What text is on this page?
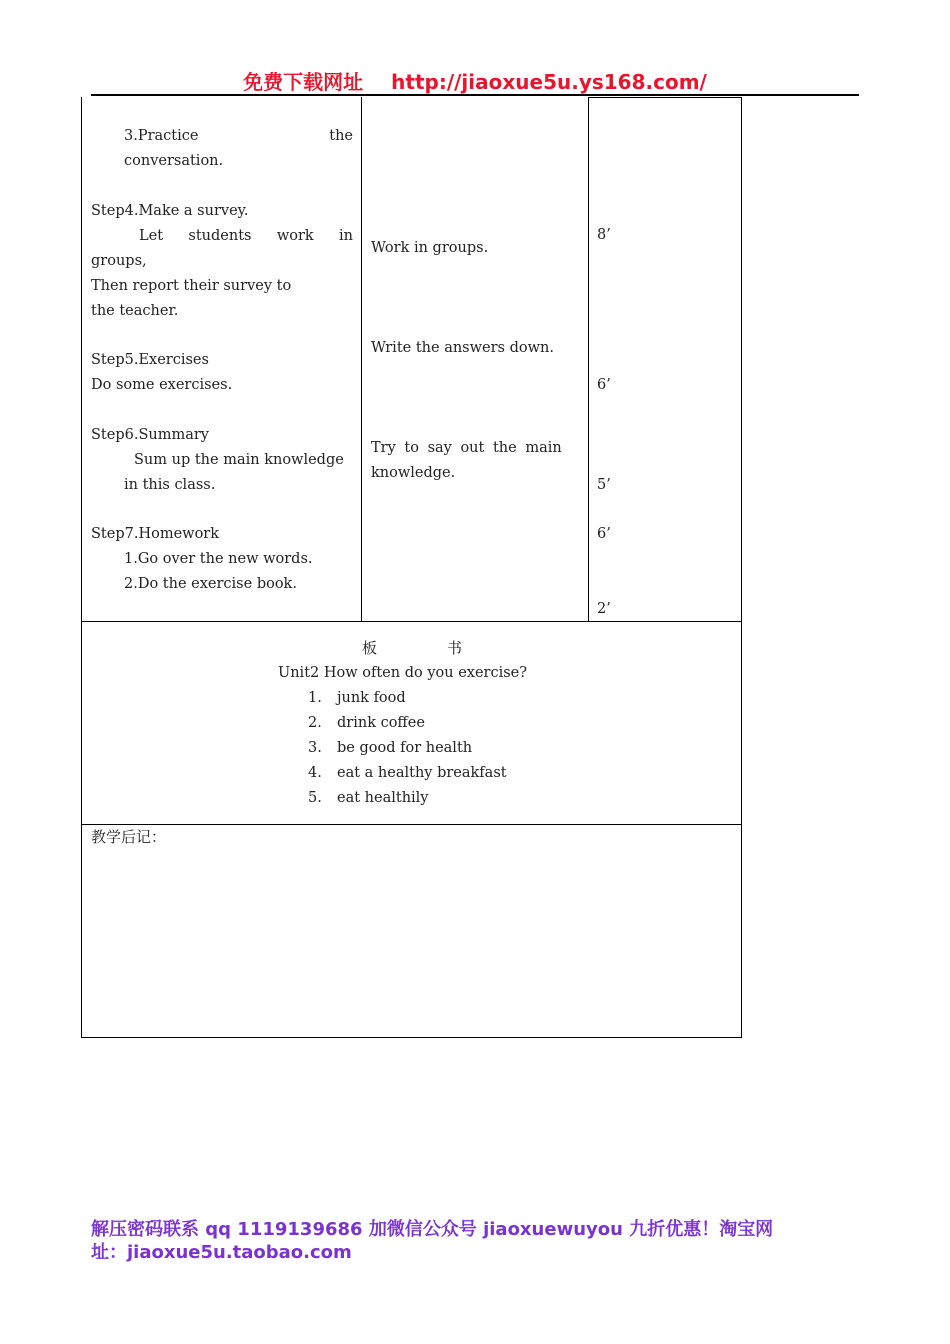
免费下载网址 http://jiaoxue5u.ys168.com/
3.Practice	the
conversation.
Step4.Make a survey.
Let students work in
groups,
Then report their survey to
the teacher.
Step5.Exercises
Do some exercises.
Step6.Summary
Sum up the main knowledge
in this class.
Step7.Homework
1.Go over the new words.
2.Do the exercise book.
Work in groups.
Write the answers down.
Try to say out the main
knowledge.
8’
6’
5’
6’
2’
板	书
Unit2 How often do you exercise?
1. junk food
2. drink coffee
3. be good for health
4. eat a healthy breakfast
5. eat healthily
教学后记：
解压密码联系 qq 1119139686 加微信公众号 jiaoxuewuyou 九折优惠！淘宝网
址：jiaoxue5u.taobao.com
